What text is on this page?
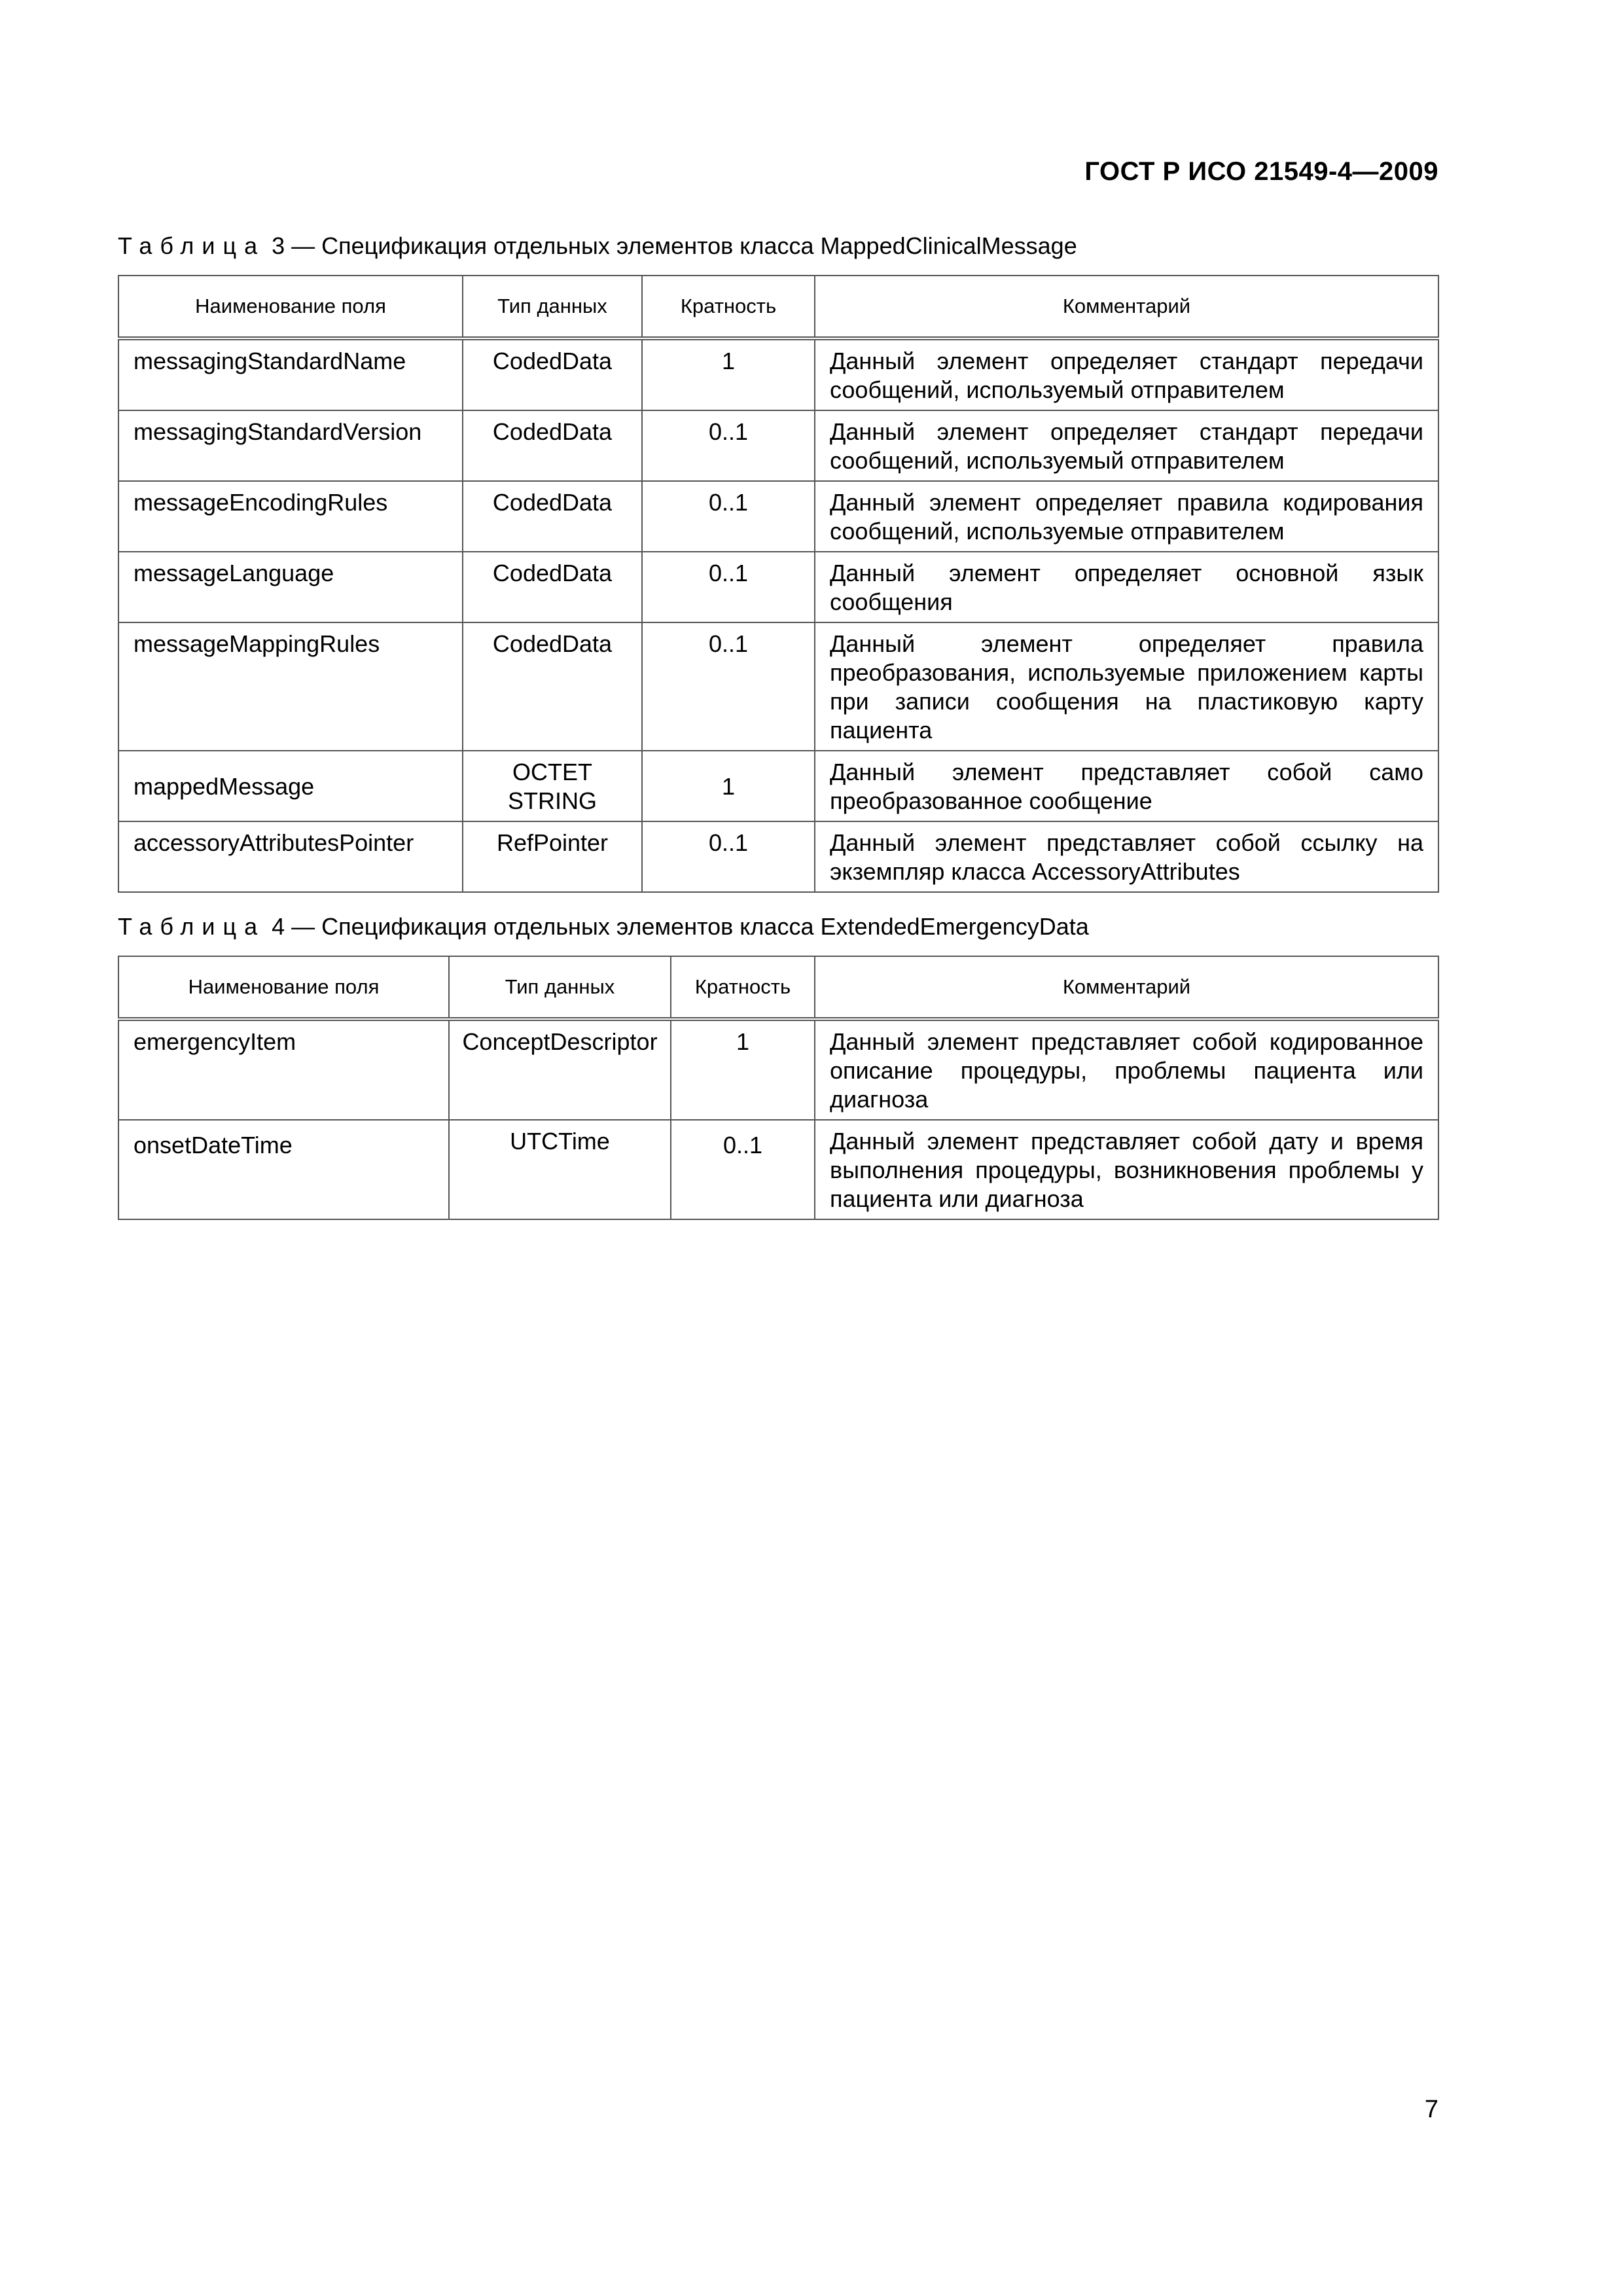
ГОСТ Р ИСО 21549-4—2009
Таблица 3 — Спецификация отдельных элементов класса MappedClinicalMessage
Наименование поля	Тип данных	Кратность	Комментарий
messagingStandardName	CodedData	1	Данный элемент определяет стандарт передачи сообщений, используемый отправителем
messagingStandardVersion	CodedData	0..1	Данный элемент определяет стандарт передачи сообщений, используемый отправителем
messageEncodingRules	CodedData	0..1	Данный элемент определяет правила кодирования сообщений, используемые отправителем
messageLanguage	CodedData	0..1	Данный элемент определяет основной язык сообщения
messageMappingRules	CodedData	0..1	Данный элемент определяет правила преобразования, используемые приложением карты при записи сообщения на пластиковую карту пациента
mappedMessage	OCTET STRING	1	Данный элемент представляет собой само преобразованное сообщение
accessoryAttributesPointer	RefPointer	0..1	Данный элемент представляет собой ссылку на экземпляр класса AccessoryAttributes
Таблица 4 — Спецификация отдельных элементов класса ExtendedEmergencyData
Наименование поля	Тип данных	Кратность	Комментарий
emergencyItem	ConceptDescriptor	1	Данный элемент представляет собой кодированное описание процедуры, проблемы пациента или диагноза
onsetDateTime	UTCTime	0..1	Данный элемент представляет собой дату и время выполнения процедуры, возникновения проблемы у пациента или диагноза
7
